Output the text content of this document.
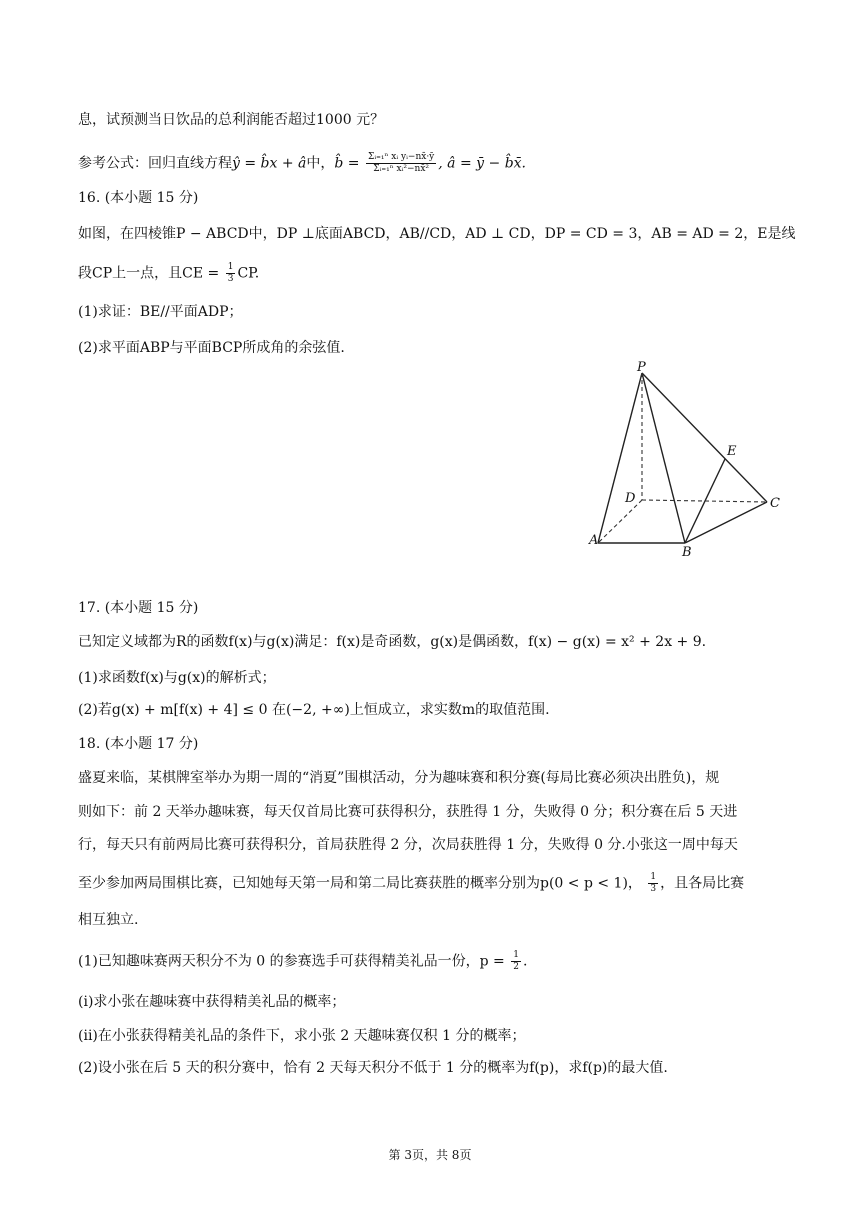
息，试预测当日饮品的总利润能否超过1000 元？
参考公式：回归直线方程ŷ = b̂x + â中，b̂ = $\frac{\text{Σᵢ₌₁ⁿ xᵢ yᵢ−nx̄·ȳ}}{\text{Σᵢ₌₁ⁿ xᵢ²−nx̄²}}$ , â = ȳ − b̂x̄.
16. (本小题 15 分)
如图，在四棱锥P − ABCD中，DP ⊥底面ABCD，AB//CD，AD ⊥ CD，DP = CD = 3，AB = AD = 2，E是线
段CP上一点，且CE = $\frac{1}{3}$ CP.
(1)求证：BE//平面ADP；
(2)求平面ABP与平面BCP所成角的余弦值.
P
E
D	C
A
B
17. (本小题 15 分)
已知定义域都为R的函数f(x)与g(x)满足：f(x)是奇函数，g(x)是偶函数，f(x) − g(x) = x² + 2x + 9.
(1)求函数f(x)与g(x)的解析式；
(2)若g(x) + m[f(x) + 4] ≤ 0 在(−2, +∞)上恒成立，求实数m的取值范围.
18. (本小题 17 分)
盛夏来临，某棋牌室举办为期一周的“消夏”围棋活动，分为趣味赛和积分赛(每局比赛必须决出胜负)，规
则如下：前 2 天举办趣味赛，每天仅首局比赛可获得积分，获胜得 1 分，失败得 0 分；积分赛在后 5 天进
行，每天只有前两局比赛可获得积分，首局获胜得 2 分，次局获胜得 1 分，失败得 0 分.小张这一周中每天
至少参加两局围棋比赛，已知她每天第一局和第二局比赛获胜的概率分别为p(0 < p < 1)， $\frac{1}{3}$ ，且各局比赛
相互独立.
(1)已知趣味赛两天积分不为 0 的参赛选手可获得精美礼品一份，$p = \frac{1}{2}$ .
(i)求小张在趣味赛中获得精美礼品的概率；
(ii)在小张获得精美礼品的条件下，求小张 2 天趣味赛仅积 1 分的概率；
(2)设小张在后 5 天的积分赛中，恰有 2 天每天积分不低于 1 分的概率为f(p)，求f(p)的最大值.
第 3页，共 8页
